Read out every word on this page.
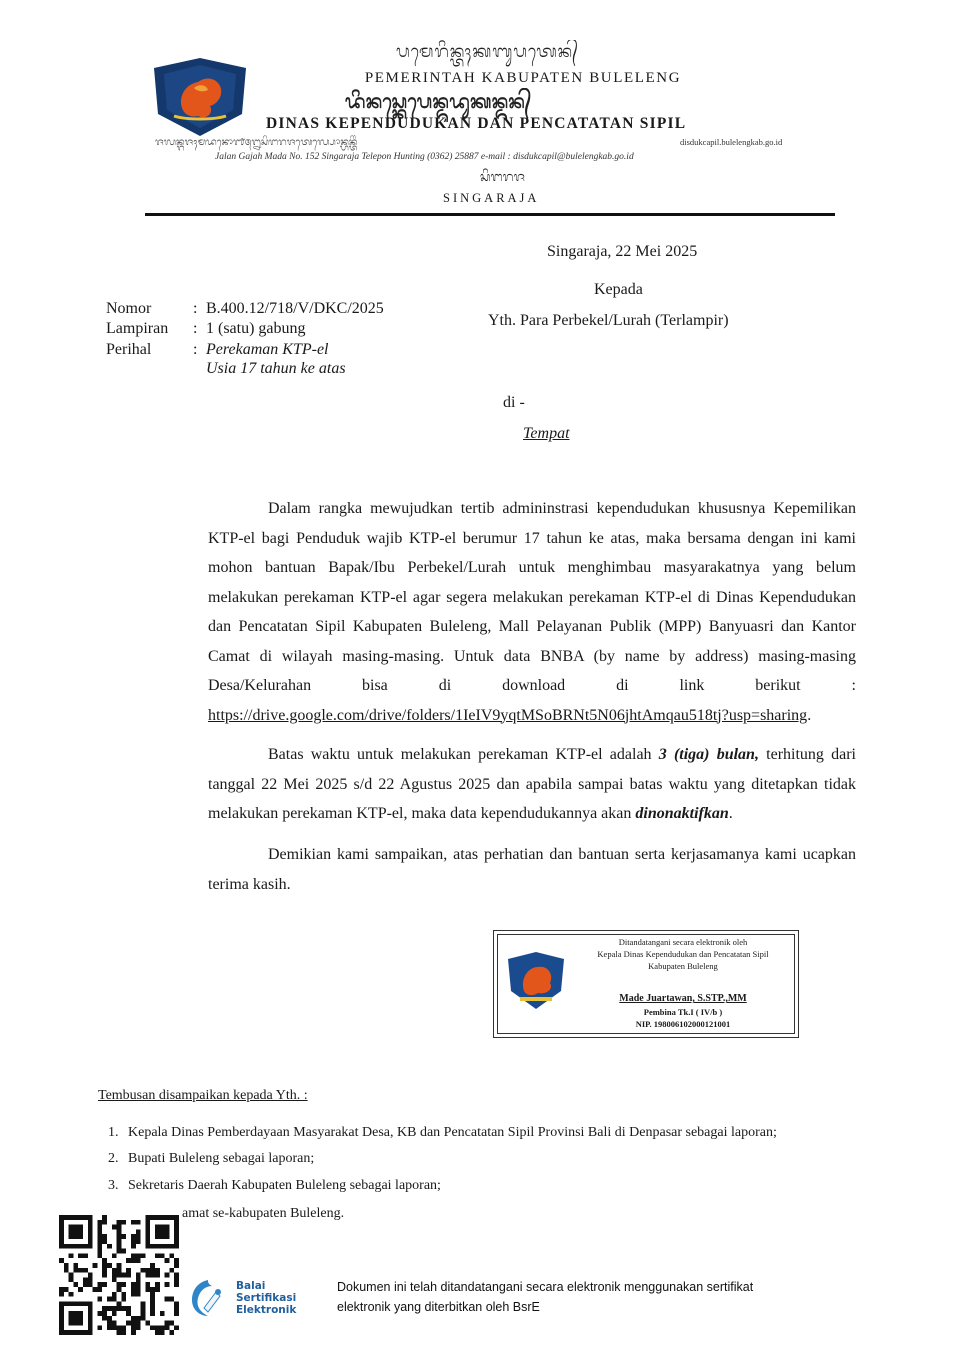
ᬧᬫᬾᬭᬶᬦ᭄ᬢᬄᬓᬩᬸᬧᬢᬾᬦ᭄
PEMERINTAH KABUPATEN BULELENG
ᬤᬶᬦᬲ᭄ᬓᬾᬧᬾᬦ᭄ᬤᬸᬤᬸᬓᬦ᭄ᬤᬦ᭄
DINAS KEPENDUDUKAN DAN PENCATATAN SIPIL
ᬚᬮᬦ᭄ᬕᬚᬄᬫᬤᬦᭀ᭑᭕᭒ᬲᬶᬗᬭᬚᬢᬾᬮ᭄ᬧᭀᬦ᭄ᬳᬦ᭄ᬢᬶᬂ	disdukcapil.bulelengkab.go.id
Jalan Gajah Mada No. 152 Singaraja Telepon Hunting (0362) 25887 e-mail : disdukcapil@bulelengkab.go.id
ᬲᬶᬗᬭᬚ
SINGARAJA
Singaraja, 22 Mei 2025
Kepada
Yth. Para Perbekel/Lurah (Terlampir)
Nomor	: B.400.12/718/V/DKC/2025
Lampiran : 1 (satu) gabung
Perihal	: Perekaman KTP-el
Usia 17 tahun ke atas
di -
Tempat
Dalam rangka mewujudkan tertib admininstrasi kependudukan khususnya Kepemilikan KTP-el bagi Penduduk wajib KTP-el berumur 17 tahun ke atas, maka bersama dengan ini kami mohon bantuan Bapak/Ibu Perbekel/Lurah untuk menghimbau masyarakatnya yang belum melakukan perekaman KTP-el agar segera melakukan perekaman KTP-el di Dinas Kependudukan dan Pencatatan Sipil Kabupaten Buleleng, Mall Pelayanan Publik (MPP) Banyuasri dan Kantor Camat di wilayah masing-masing. Untuk data BNBA (by name by address) masing-masing Desa/Kelurahan bisa di download di link berikut : https://drive.google.com/drive/folders/1IeIV9yqtMSoBRNt5N06jhtAmqau518tj?usp=sharing.
Batas waktu untuk melakukan perekaman KTP-el adalah 3 (tiga) bulan, terhitung dari tanggal 22 Mei 2025 s/d 22 Agustus 2025 dan apabila sampai batas waktu yang ditetapkan tidak melakukan perekaman KTP-el, maka data kependudukannya akan dinonaktifkan.
Demikian kami sampaikan, atas perhatian dan bantuan serta kerjasamanya kami ucapkan terima kasih.
Ditandatangani secara elektronik oleh
Kepala Dinas Kependudukan dan Pencatatan Sipil
Kabupaten Buleleng
Made Juartawan, S.STP.,MM
Pembina Tk.I ( IV/b )
NIP. 198006102000121001
Tembusan disampaikan kepada Yth. :
1. Kepala Dinas Pemberdayaan Masyarakat Desa, KB dan Pencatatan Sipil Provinsi Bali di Denpasar sebagai laporan;
2. Bupati Buleleng sebagai laporan;
3. Sekretaris Daerah Kabupaten Buleleng sebagai laporan;
amat se-kabupaten Buleleng.
Balai
Sertifikasi
Elektronik
Dokumen ini telah ditandatangani secara elektronik menggunakan sertifikat
elektronik yang diterbitkan oleh BsrE
